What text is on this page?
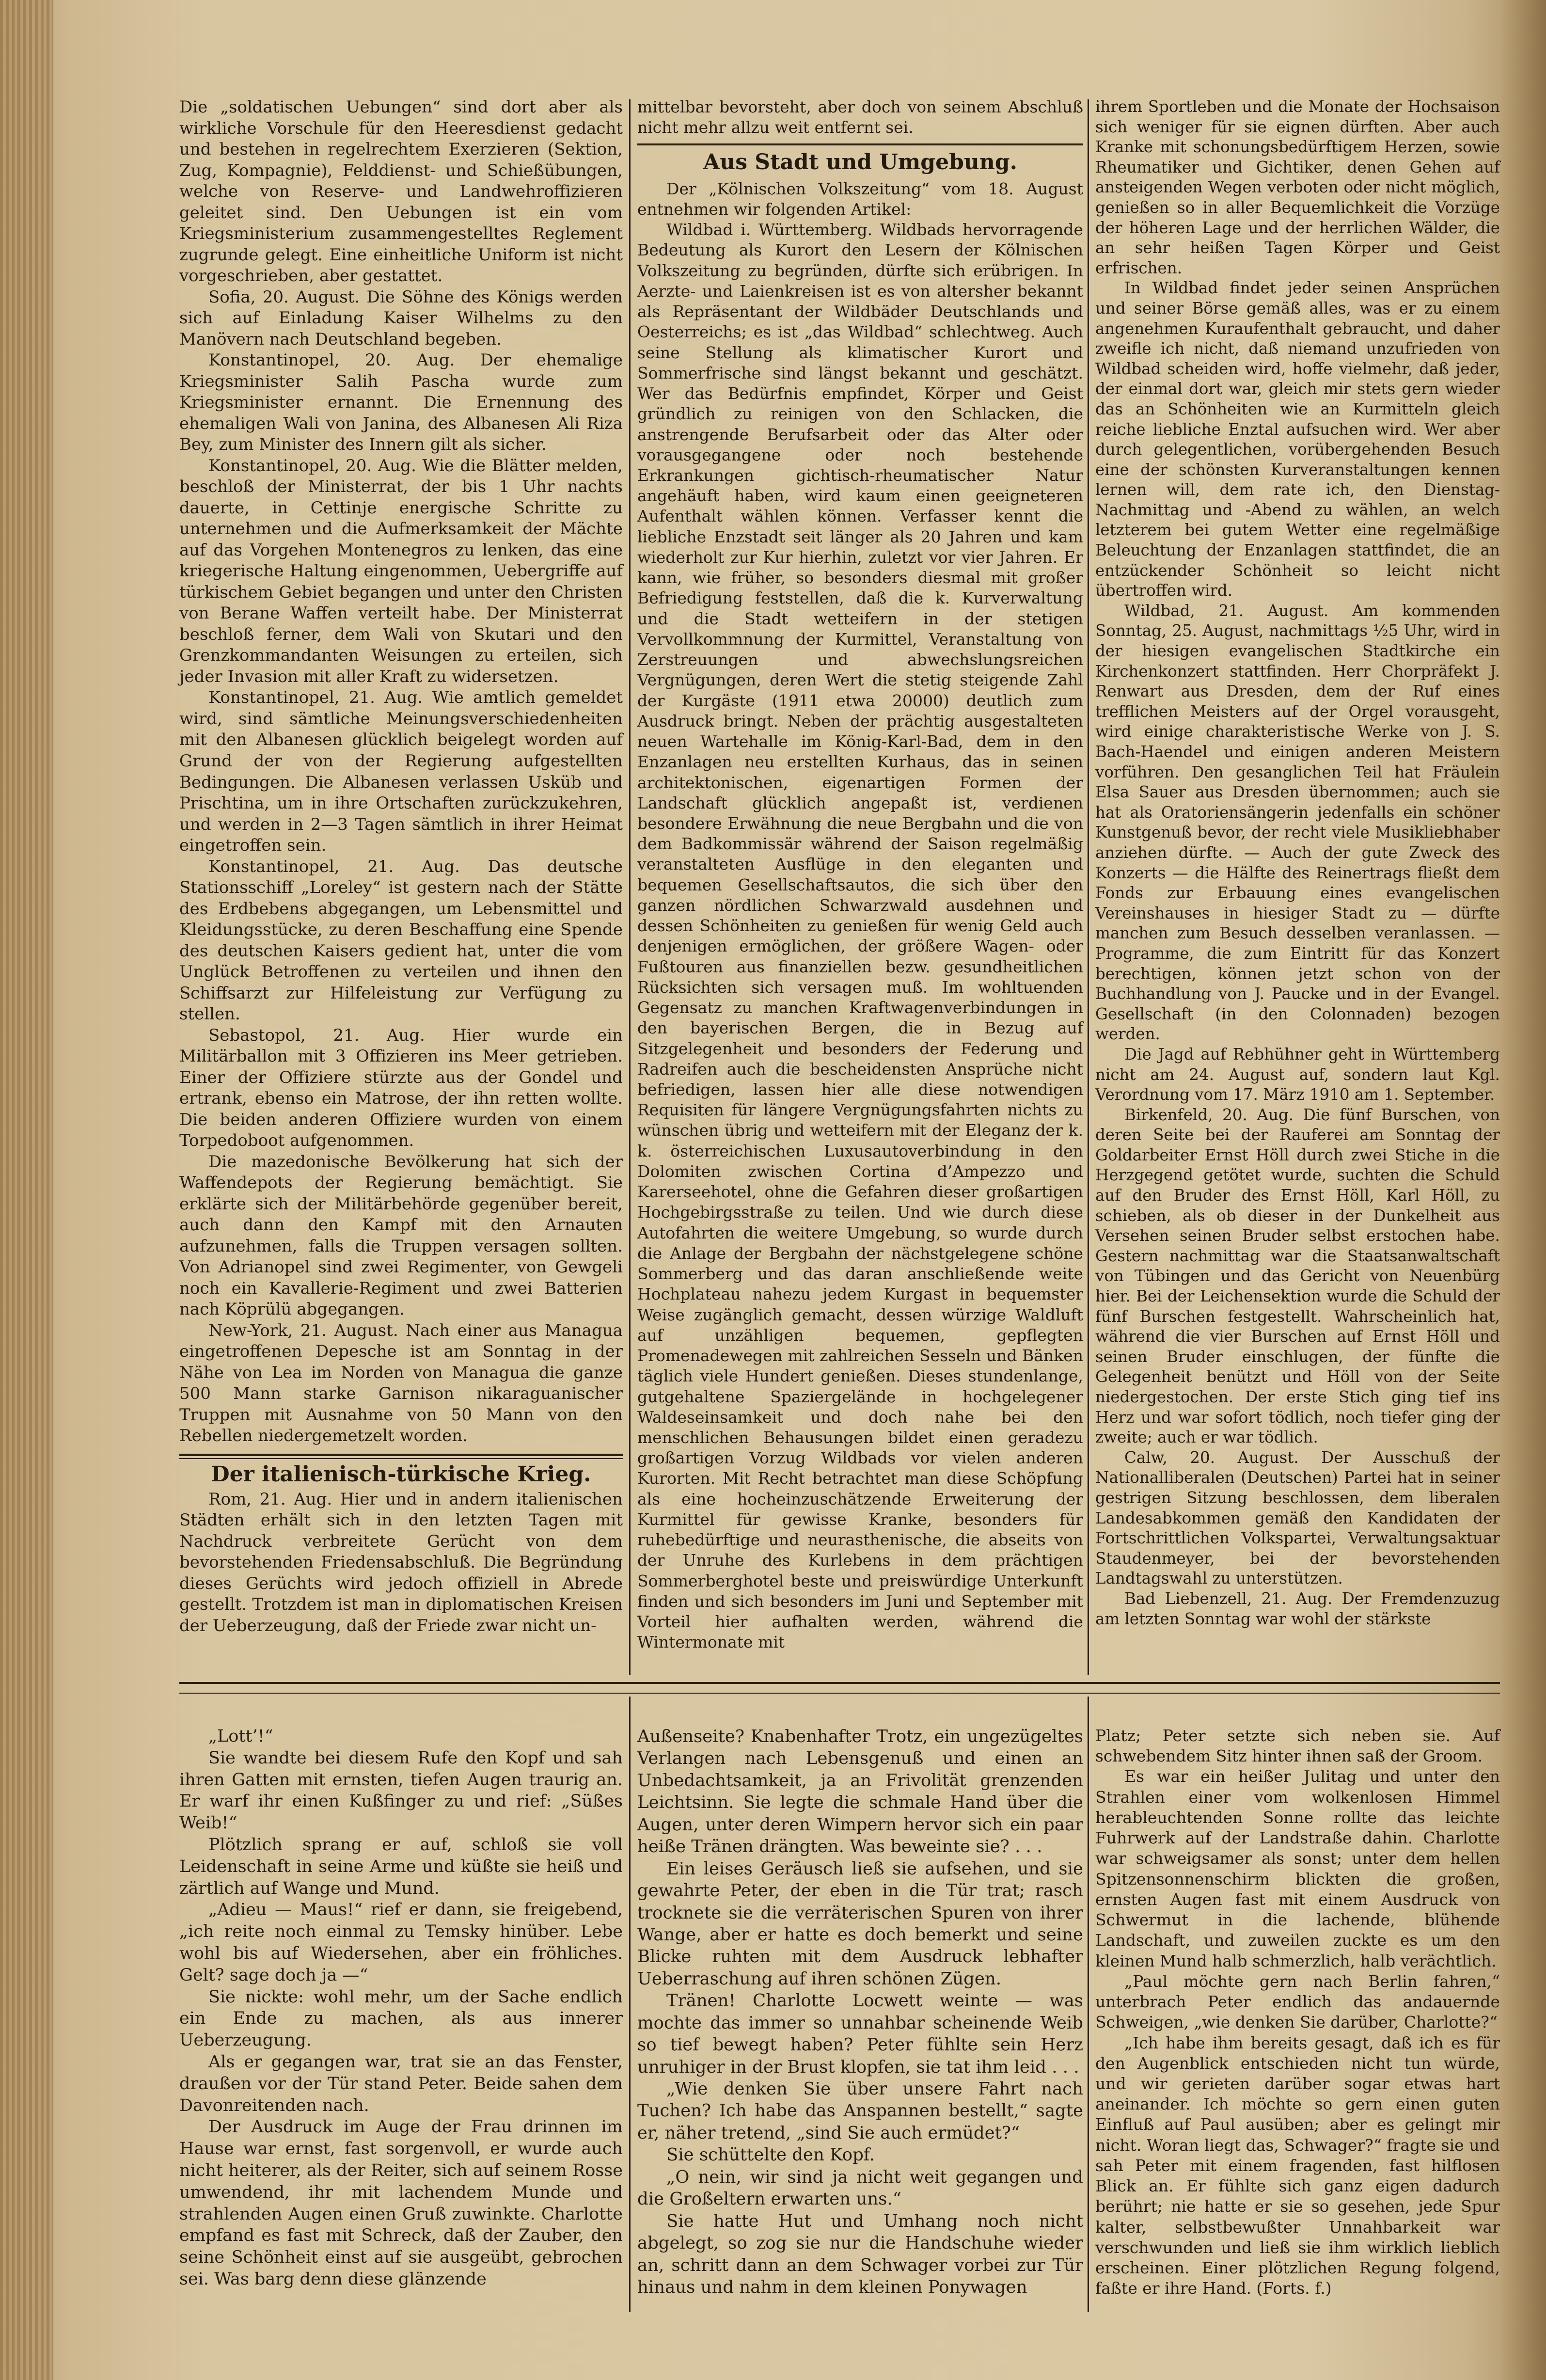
Die „soldatischen Uebungen“ sind dort aber als wirkliche Vorschule für den Heeresdienst gedacht und bestehen in regelrechtem Exerzieren (Sektion, Zug, Kompagnie), Felddienst- und Schießübungen, welche von Reserve- und Landwehroffizieren geleitet sind. Den Uebungen ist ein vom Kriegsministerium zusammengestelltes Reglement zugrunde gelegt. Eine einheitliche Uniform ist nicht vorgeschrieben, aber gestattet.

Sofia, 20. August. Die Söhne des Königs werden sich auf Einladung Kaiser Wilhelms zu den Manövern nach Deutschland begeben.

Konstantinopel, 20. Aug. Der ehemalige Kriegsminister Salih Pascha wurde zum Kriegsminister ernannt. Die Ernennung des ehemaligen Wali von Janina, des Albanesen Ali Riza Bey, zum Minister des Innern gilt als sicher.

Konstantinopel, 20. Aug. Wie die Blätter melden, beschloß der Ministerrat, der bis 1 Uhr nachts dauerte, in Cettinje energische Schritte zu unternehmen und die Aufmerksamkeit der Mächte auf das Vorgehen Montenegros zu lenken, das eine kriegerische Haltung eingenommen, Uebergriffe auf türkischem Gebiet begangen und unter den Christen von Berane Waffen verteilt habe. Der Ministerrat beschloß ferner, dem Wali von Skutari und den Grenzkommandanten Weisungen zu erteilen, sich jeder Invasion mit aller Kraft zu widersetzen.

Konstantinopel, 21. Aug. Wie amtlich gemeldet wird, sind sämtliche Meinungsverschiedenheiten mit den Albanesen glücklich beigelegt worden auf Grund der von der Regierung aufgestellten Bedingungen. Die Albanesen verlassen Usküb und Prischtina, um in ihre Ortschaften zurückzukehren, und werden in 2—3 Tagen sämtlich in ihrer Heimat eingetroffen sein.

Konstantinopel, 21. Aug. Das deutsche Stationsschiff „Loreley“ ist gestern nach der Stätte des Erdbebens abgegangen, um Lebensmittel und Kleidungsstücke, zu deren Beschaffung eine Spende des deutschen Kaisers gedient hat, unter die vom Unglück Betroffenen zu verteilen und ihnen den Schiffsarzt zur Hilfeleistung zur Verfügung zu stellen.

Sebastopol, 21. Aug. Hier wurde ein Militärballon mit 3 Offizieren ins Meer getrieben. Einer der Offiziere stürzte aus der Gondel und ertrank, ebenso ein Matrose, der ihn retten wollte. Die beiden anderen Offiziere wurden von einem Torpedoboot aufgenommen.

Die mazedonische Bevölkerung hat sich der Waffendepots der Regierung bemächtigt. Sie erklärte sich der Militärbehörde gegenüber bereit, auch dann den Kampf mit den Arnauten aufzunehmen, falls die Truppen versagen sollten. Von Adrianopel sind zwei Regimenter, von Gewgeli noch ein Kavallerie-Regiment und zwei Batterien nach Köprülü abgegangen.

New-York, 21. August. Nach einer aus Managua eingetroffenen Depesche ist am Sonntag in der Nähe von Lea im Norden von Managua die ganze 500 Mann starke Garnison nikaraguanischer Truppen mit Ausnahme von 50 Mann von den Rebellen niedergemetzelt worden.

Der italienisch-türkische Krieg.

Rom, 21. Aug. Hier und in andern italienischen Städten erhält sich in den letzten Tagen mit Nachdruck verbreitete Gerücht von dem bevorstehenden Friedensabschluß. Die Begründung dieses Gerüchts wird jedoch offiziell in Abrede gestellt. Trotzdem ist man in diplomatischen Kreisen der Ueberzeugung, daß der Friede zwar nicht un-

mittelbar bevorsteht, aber doch von seinem Abschluß nicht mehr allzu weit entfernt sei.

Aus Stadt und Umgebung.

Der „Kölnischen Volkszeitung“ vom 18. August entnehmen wir folgenden Artikel:

Wildbad i. Württemberg. Wildbads hervorragende Bedeutung als Kurort den Lesern der Kölnischen Volkszeitung zu begründen, dürfte sich erübrigen. In Aerzte- und Laienkreisen ist es von altersher bekannt als Repräsentant der Wildbäder Deutschlands und Oesterreichs; es ist „das Wildbad“ schlechtweg. Auch seine Stellung als klimatischer Kurort und Sommerfrische sind längst bekannt und geschätzt. Wer das Bedürfnis empfindet, Körper und Geist gründlich zu reinigen von den Schlacken, die anstrengende Berufsarbeit oder das Alter oder vorausgegangene oder noch bestehende Erkrankungen gichtisch-rheumatischer Natur angehäuft haben, wird kaum einen geeigneteren Aufenthalt wählen können. Verfasser kennt die liebliche Enzstadt seit länger als 20 Jahren und kam wiederholt zur Kur hierhin, zuletzt vor vier Jahren. Er kann, wie früher, so besonders diesmal mit großer Befriedigung feststellen, daß die k. Kurverwaltung und die Stadt wetteifern in der stetigen Vervollkommnung der Kurmittel, Veranstaltung von Zerstreuungen und abwechslungsreichen Vergnügungen, deren Wert die stetig steigende Zahl der Kurgäste (1911 etwa 20000) deutlich zum Ausdruck bringt. Neben der prächtig ausgestalteten neuen Wartehalle im König-Karl-Bad, dem in den Enzanlagen neu erstellten Kurhaus, das in seinen architektonischen, eigenartigen Formen der Landschaft glücklich angepaßt ist, verdienen besondere Erwähnung die neue Bergbahn und die von dem Badkommissär während der Saison regelmäßig veranstalteten Ausflüge in den eleganten und bequemen Gesellschaftsautos, die sich über den ganzen nördlichen Schwarzwald ausdehnen und dessen Schönheiten zu genießen für wenig Geld auch denjenigen ermöglichen, der größere Wagen- oder Fußtouren aus finanziellen bezw. gesundheitlichen Rücksichten sich versagen muß. Im wohltuenden Gegensatz zu manchen Kraftwagenverbindungen in den bayerischen Bergen, die in Bezug auf Sitzgelegenheit und besonders der Federung und Radreifen auch die bescheidensten Ansprüche nicht befriedigen, lassen hier alle diese notwendigen Requisiten für längere Vergnügungsfahrten nichts zu wünschen übrig und wetteifern mit der Eleganz der k. k. österreichischen Luxusautoverbindung in den Dolomiten zwischen Cortina d’Ampezzo und Karerseehotel, ohne die Gefahren dieser großartigen Hochgebirgsstraße zu teilen. Und wie durch diese Autofahrten die weitere Umgebung, so wurde durch die Anlage der Bergbahn der nächstgelegene schöne Sommerberg und das daran anschließende weite Hochplateau nahezu jedem Kurgast in bequemster Weise zugänglich gemacht, dessen würzige Waldluft auf unzähligen bequemen, gepflegten Promenadewegen mit zahlreichen Sesseln und Bänken täglich viele Hundert genießen. Dieses stundenlange, gutgehaltene Spaziergelände in hochgelegener Waldeseinsamkeit und doch nahe bei den menschlichen Behausungen bildet einen geradezu großartigen Vorzug Wildbads vor vielen anderen Kurorten. Mit Recht betrachtet man diese Schöpfung als eine hocheinzuschätzende Erweiterung der Kurmittel für gewisse Kranke, besonders für ruhebedürftige und neurasthenische, die abseits von der Unruhe des Kurlebens in dem prächtigen Sommerberghotel beste und preiswürdige Unterkunft finden und sich besonders im Juni und September mit Vorteil hier aufhalten werden, während die Wintermonate mit

ihrem Sportleben und die Monate der Hochsaison sich weniger für sie eignen dürften. Aber auch Kranke mit schonungsbedürftigem Herzen, sowie Rheumatiker und Gichtiker, denen Gehen auf ansteigenden Wegen verboten oder nicht möglich, genießen so in aller Bequemlichkeit die Vorzüge der höheren Lage und der herrlichen Wälder, die an sehr heißen Tagen Körper und Geist erfrischen.

In Wildbad findet jeder seinen Ansprüchen und seiner Börse gemäß alles, was er zu einem angenehmen Kuraufenthalt gebraucht, und daher zweifle ich nicht, daß niemand unzufrieden von Wildbad scheiden wird, hoffe vielmehr, daß jeder, der einmal dort war, gleich mir stets gern wieder das an Schönheiten wie an Kurmitteln gleich reiche liebliche Enztal aufsuchen wird. Wer aber durch gelegentlichen, vorübergehenden Besuch eine der schönsten Kurveranstaltungen kennen lernen will, dem rate ich, den Dienstag-Nachmittag und -Abend zu wählen, an welch letzterem bei gutem Wetter eine regelmäßige Beleuchtung der Enzanlagen stattfindet, die an entzückender Schönheit so leicht nicht übertroffen wird.

Wildbad, 21. August. Am kommenden Sonntag, 25. August, nachmittags ½5 Uhr, wird in der hiesigen evangelischen Stadtkirche ein Kirchenkonzert stattfinden. Herr Chorpräfekt J. Renwart aus Dresden, dem der Ruf eines trefflichen Meisters auf der Orgel vorausgeht, wird einige charakteristische Werke von J. S. Bach-Haendel und einigen anderen Meistern vorführen. Den gesanglichen Teil hat Fräulein Elsa Sauer aus Dresden übernommen; auch sie hat als Oratoriensängerin jedenfalls ein schöner Kunstgenuß bevor, der recht viele Musikliebhaber anziehen dürfte. — Auch der gute Zweck des Konzerts — die Hälfte des Reinertrags fließt dem Fonds zur Erbauung eines evangelischen Vereinshauses in hiesiger Stadt zu — dürfte manchen zum Besuch desselben veranlassen. — Programme, die zum Eintritt für das Konzert berechtigen, können jetzt schon von der Buchhandlung von J. Paucke und in der Evangel. Gesellschaft (in den Colonnaden) bezogen werden.

Die Jagd auf Rebhühner geht in Württemberg nicht am 24. August auf, sondern laut Kgl. Verordnung vom 17. März 1910 am 1. September.

Birkenfeld, 20. Aug. Die fünf Burschen, von deren Seite bei der Rauferei am Sonntag der Goldarbeiter Ernst Höll durch zwei Stiche in die Herzgegend getötet wurde, suchten die Schuld auf den Bruder des Ernst Höll, Karl Höll, zu schieben, als ob dieser in der Dunkelheit aus Versehen seinen Bruder selbst erstochen habe. Gestern nachmittag war die Staatsanwaltschaft von Tübingen und das Gericht von Neuenbürg hier. Bei der Leichensektion wurde die Schuld der fünf Burschen festgestellt. Wahrscheinlich hat, während die vier Burschen auf Ernst Höll und seinen Bruder einschlugen, der fünfte die Gelegenheit benützt und Höll von der Seite niedergestochen. Der erste Stich ging tief ins Herz und war sofort tödlich, noch tiefer ging der zweite; auch er war tödlich.

Calw, 20. August. Der Ausschuß der Nationalliberalen (Deutschen) Partei hat in seiner gestrigen Sitzung beschlossen, dem liberalen Landesabkommen gemäß den Kandidaten der Fortschrittlichen Volkspartei, Verwaltungsaktuar Staudenmeyer, bei der bevorstehenden Landtagswahl zu unterstützen.

Bad Liebenzell, 21. Aug. Der Fremdenzuzug am letzten Sonntag war wohl der stärkste

„Lott’!“

Sie wandte bei diesem Rufe den Kopf und sah ihren Gatten mit ernsten, tiefen Augen traurig an. Er warf ihr einen Kußfinger zu und rief: „Süßes Weib!“

Plötzlich sprang er auf, schloß sie voll Leidenschaft in seine Arme und küßte sie heiß und zärtlich auf Wange und Mund.

„Adieu — Maus!“ rief er dann, sie freigebend, „ich reite noch einmal zu Temsky hinüber. Lebe wohl bis auf Wiedersehen, aber ein fröhliches. Gelt? sage doch ja —“

Sie nickte: wohl mehr, um der Sache endlich ein Ende zu machen, als aus innerer Ueberzeugung.

Als er gegangen war, trat sie an das Fenster, draußen vor der Tür stand Peter. Beide sahen dem Davonreitenden nach.

Der Ausdruck im Auge der Frau drinnen im Hause war ernst, fast sorgenvoll, er wurde auch nicht heiterer, als der Reiter, sich auf seinem Rosse umwendend, ihr mit lachendem Munde und strahlenden Augen einen Gruß zuwinkte. Charlotte empfand es fast mit Schreck, daß der Zauber, den seine Schönheit einst auf sie ausgeübt, gebrochen sei. Was barg denn diese glänzende

Außenseite? Knabenhafter Trotz, ein ungezügeltes Verlangen nach Lebensgenuß und einen an Unbedachtsamkeit, ja an Frivolität grenzenden Leichtsinn. Sie legte die schmale Hand über die Augen, unter deren Wimpern hervor sich ein paar heiße Tränen drängten. Was beweinte sie? . . .

Ein leises Geräusch ließ sie aufsehen, und sie gewahrte Peter, der eben in die Tür trat; rasch trocknete sie die verräterischen Spuren von ihrer Wange, aber er hatte es doch bemerkt und seine Blicke ruhten mit dem Ausdruck lebhafter Ueberraschung auf ihren schönen Zügen.

Tränen! Charlotte Locwett weinte — was mochte das immer so unnahbar scheinende Weib so tief bewegt haben? Peter fühlte sein Herz unruhiger in der Brust klopfen, sie tat ihm leid . . .

„Wie denken Sie über unsere Fahrt nach Tuchen? Ich habe das Anspannen bestellt,“ sagte er, näher tretend, „sind Sie auch ermüdet?“

Sie schüttelte den Kopf.

„O nein, wir sind ja nicht weit gegangen und die Großeltern erwarten uns.“

Sie hatte Hut und Umhang noch nicht abgelegt, so zog sie nur die Handschuhe wieder an, schritt dann an dem Schwager vorbei zur Tür hinaus und nahm in dem kleinen Ponywagen

Platz; Peter setzte sich neben sie. Auf schwebendem Sitz hinter ihnen saß der Groom.

Es war ein heißer Julitag und unter den Strahlen einer vom wolkenlosen Himmel herableuchtenden Sonne rollte das leichte Fuhrwerk auf der Landstraße dahin. Charlotte war schweigsamer als sonst; unter dem hellen Spitzensonnenschirm blickten die großen, ernsten Augen fast mit einem Ausdruck von Schwermut in die lachende, blühende Landschaft, und zuweilen zuckte es um den kleinen Mund halb schmerzlich, halb verächtlich.

„Paul möchte gern nach Berlin fahren,“ unterbrach Peter endlich das andauernde Schweigen, „wie denken Sie darüber, Charlotte?“

„Ich habe ihm bereits gesagt, daß ich es für den Augenblick entschieden nicht tun würde, und wir gerieten darüber sogar etwas hart aneinander. Ich möchte so gern einen guten Einfluß auf Paul ausüben; aber es gelingt mir nicht. Woran liegt das, Schwager?“ fragte sie und sah Peter mit einem fragenden, fast hilflosen Blick an. Er fühlte sich ganz eigen dadurch berührt; nie hatte er sie so gesehen, jede Spur kalter, selbstbewußter Unnahbarkeit war verschwunden und ließ sie ihm wirklich lieblich erscheinen. Einer plötzlichen Regung folgend, faßte er ihre Hand. (Forts. f.)
